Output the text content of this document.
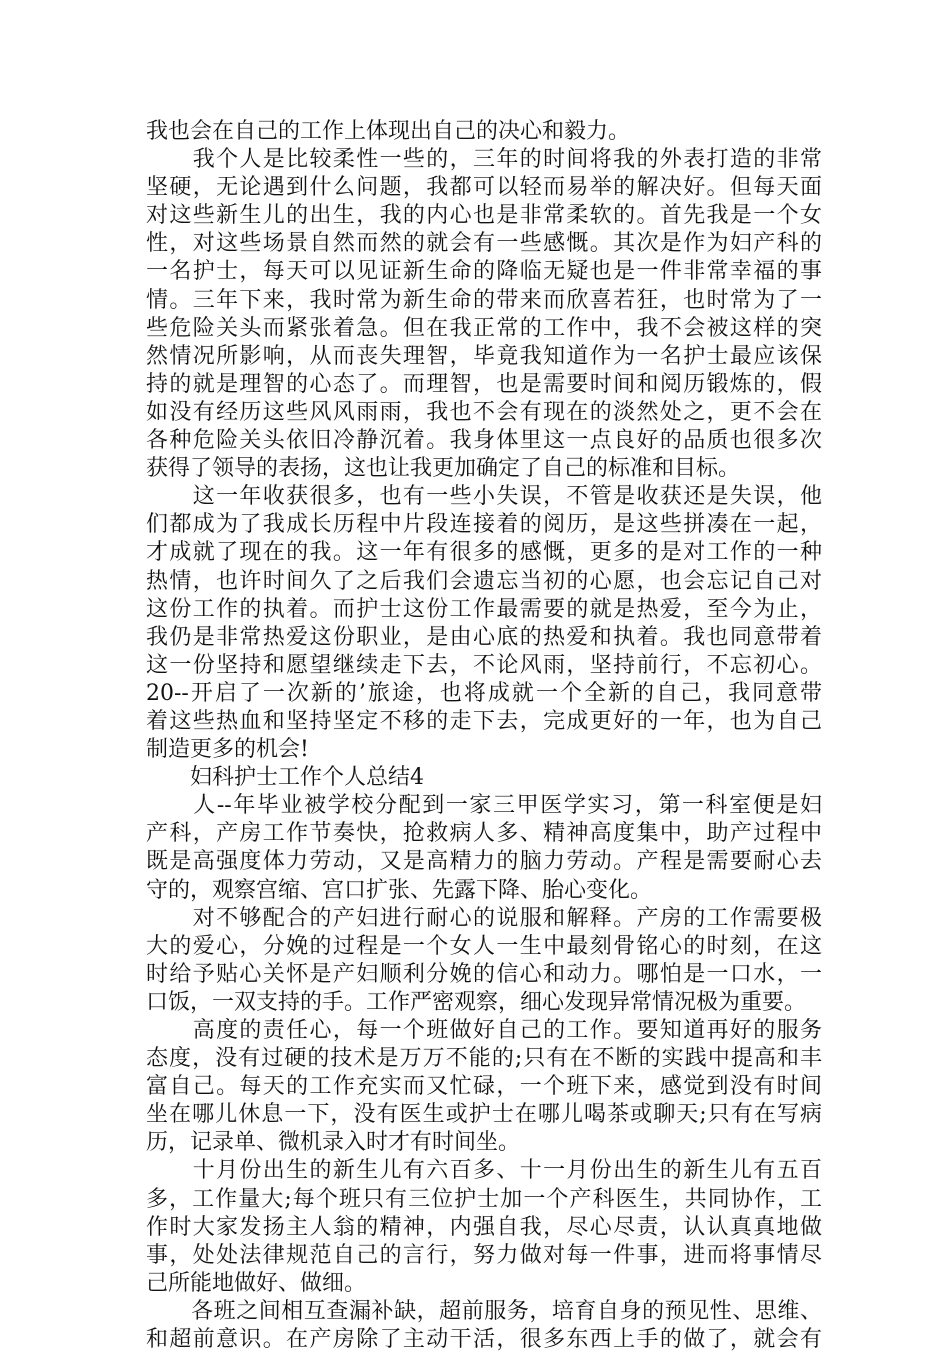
我也会在自己的工作上体现出自己的决心和毅力。
　　我个人是比较柔性一些的，三年的时间将我的外表打造的非常
坚硬，无论遇到什么问题，我都可以轻而易举的解决好。但每天面
对这些新生儿的出生，我的内心也是非常柔软的。首先我是一个女
性，对这些场景自然而然的就会有一些感慨。其次是作为妇产科的
一名护士，每天可以见证新生命的降临无疑也是一件非常幸福的事
情。三年下来，我时常为新生命的带来而欣喜若狂，也时常为了一
些危险关头而紧张着急。但在我正常的工作中，我不会被这样的突
然情况所影响，从而丧失理智，毕竟我知道作为一名护士最应该保
持的就是理智的心态了。而理智，也是需要时间和阅历锻炼的，假
如没有经历这些风风雨雨，我也不会有现在的淡然处之，更不会在
各种危险关头依旧冷静沉着。我身体里这一点良好的品质也很多次
获得了领导的表扬，这也让我更加确定了自己的标准和目标。
　　这一年收获很多，也有一些小失误，不管是收获还是失误，他
们都成为了我成长历程中片段连接着的阅历，是这些拼凑在一起，
才成就了现在的我。这一年有很多的感慨，更多的是对工作的一种
热情，也许时间久了之后我们会遗忘当初的心愿，也会忘记自己对
这份工作的执着。而护士这份工作最需要的就是热爱，至今为止，
我仍是非常热爱这份职业，是由心底的热爱和执着。我也同意带着
这一份坚持和愿望继续走下去，不论风雨，坚持前行，不忘初心。
20--开启了一次新的’旅途，也将成就一个全新的自己，我同意带
着这些热血和坚持坚定不移的走下去，完成更好的一年，也为自己
制造更多的机会!
　　妇科护士工作个人总结4
　　人--年毕业被学校分配到一家三甲医学实习，第一科室便是妇
产科，产房工作节奏快，抢救病人多、精神高度集中，助产过程中
既是高强度体力劳动，又是高精力的脑力劳动。产程是需要耐心去
守的，观察宫缩、宫口扩张、先露下降、胎心变化。
　　对不够配合的产妇进行耐心的说服和解释。产房的工作需要极
大的爱心，分娩的过程是一个女人一生中最刻骨铭心的时刻，在这
时给予贴心关怀是产妇顺利分娩的信心和动力。哪怕是一口水，一
口饭，一双支持的手。工作严密观察，细心发现异常情况极为重要。
　　高度的责任心，每一个班做好自己的工作。要知道再好的服务
态度，没有过硬的技术是万万不能的;只有在不断的实践中提高和丰
富自己。每天的工作充实而又忙碌，一个班下来，感觉到没有时间
坐在哪儿休息一下，没有医生或护士在哪儿喝茶或聊天;只有在写病
历，记录单、微机录入时才有时间坐。
　　十月份出生的新生儿有六百多、十一月份出生的新生儿有五百
多，工作量大;每个班只有三位护士加一个产科医生，共同协作，工
作时大家发扬主人翁的精神，内强自我，尽心尽责，认认真真地做
事，处处法律规范自己的言行，努力做对每一件事，进而将事情尽
己所能地做好、做细。
　　各班之间相互查漏补缺，超前服务，培育自身的预见性、思维、
和超前意识。在产房除了主动干活，很多东西上手的做了，就会有
